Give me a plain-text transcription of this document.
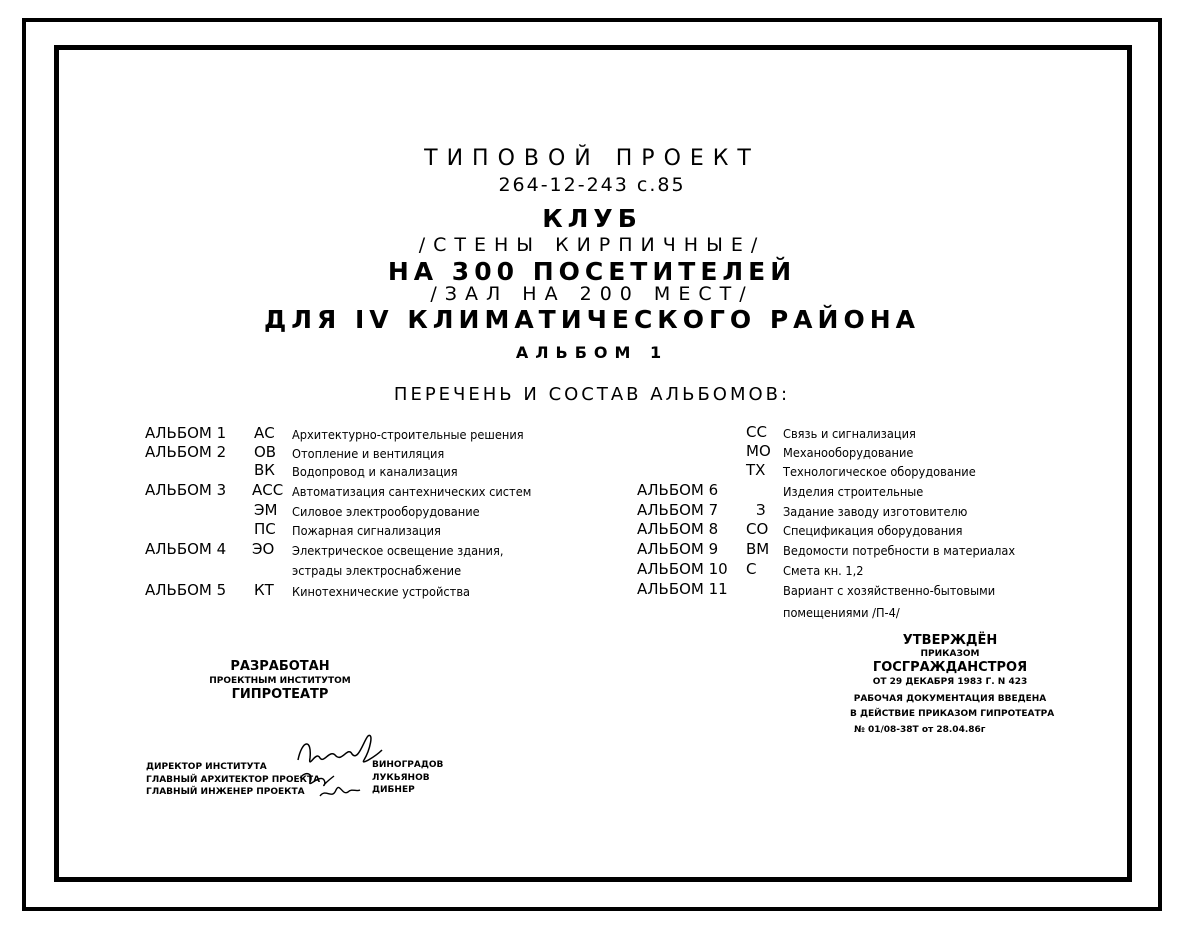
ТИПОВОЙ ПРОЕКТ
264-12-243 с.85
КЛУБ
/СТЕНЫ КИРПИЧНЫЕ/
НА 300 ПОСЕТИТЕЛЕЙ
/ЗАЛ НА 200 МЕСТ/
ДЛЯ IV КЛИМАТИЧЕСКОГО РАЙОНА
АЛЬБОМ 1
ПЕРЕЧЕНЬ И СОСТАВ АЛЬБОМОВ:
АЛЬБОМ 1 АС Архитектурно-строительные решения
АЛЬБОМ 2 ОВ Отопление и вентиляция
ВК Водопровод и канализация
АЛЬБОМ 3 АСС Автоматизация сантехнических систем
ЭМ Силовое электрооборудование
ПС Пожарная сигнализация
АЛЬБОМ 4 ЭО Электрическое освещение здания,
эстрады электроснабжение
АЛЬБОМ 5 КТ Кинотехнические устройства
СС Связь и сигнализация
МО Механооборудование
ТХ Технологическое оборудование
АЛЬБОМ 6	Изделия строительные
АЛЬБОМ 7	З Задание заводу изготовителю
АЛЬБОМ 8 СО Спецификация оборудования
АЛЬБОМ 9 ВМ Ведомости потребности в материалах
АЛЬБОМ 10 С Смета кн. 1,2
АЛЬБОМ 11	Вариант с хозяйственно-бытовыми
помещениями /П-4/
РАЗРАБОТАН
ПРОЕКТНЫМ ИНСТИТУТОМ
ГИПРОТЕАТР
УТВЕРЖДЁН
ПРИКАЗОМ
ГОСГРАЖДАНСТРОЯ
ОТ 29 ДЕКАБРЯ 1983 Г. N 423
РАБОЧАЯ ДОКУМЕНТАЦИЯ ВВЕДЕНА
В ДЕЙСТВИЕ ПРИКАЗОМ ГИПРОТЕАТРА
№ 01/08-38Т от 28.04.86г
ДИРЕКТОР ИНСТИТУТА	ВИНОГРАДОВ
ГЛАВНЫЙ АРХИТЕКТОР ПРОЕКТА	ЛУКЬЯНОВ
ГЛАВНЫЙ ИНЖЕНЕР ПРОЕКТА	ДИБНЕР
